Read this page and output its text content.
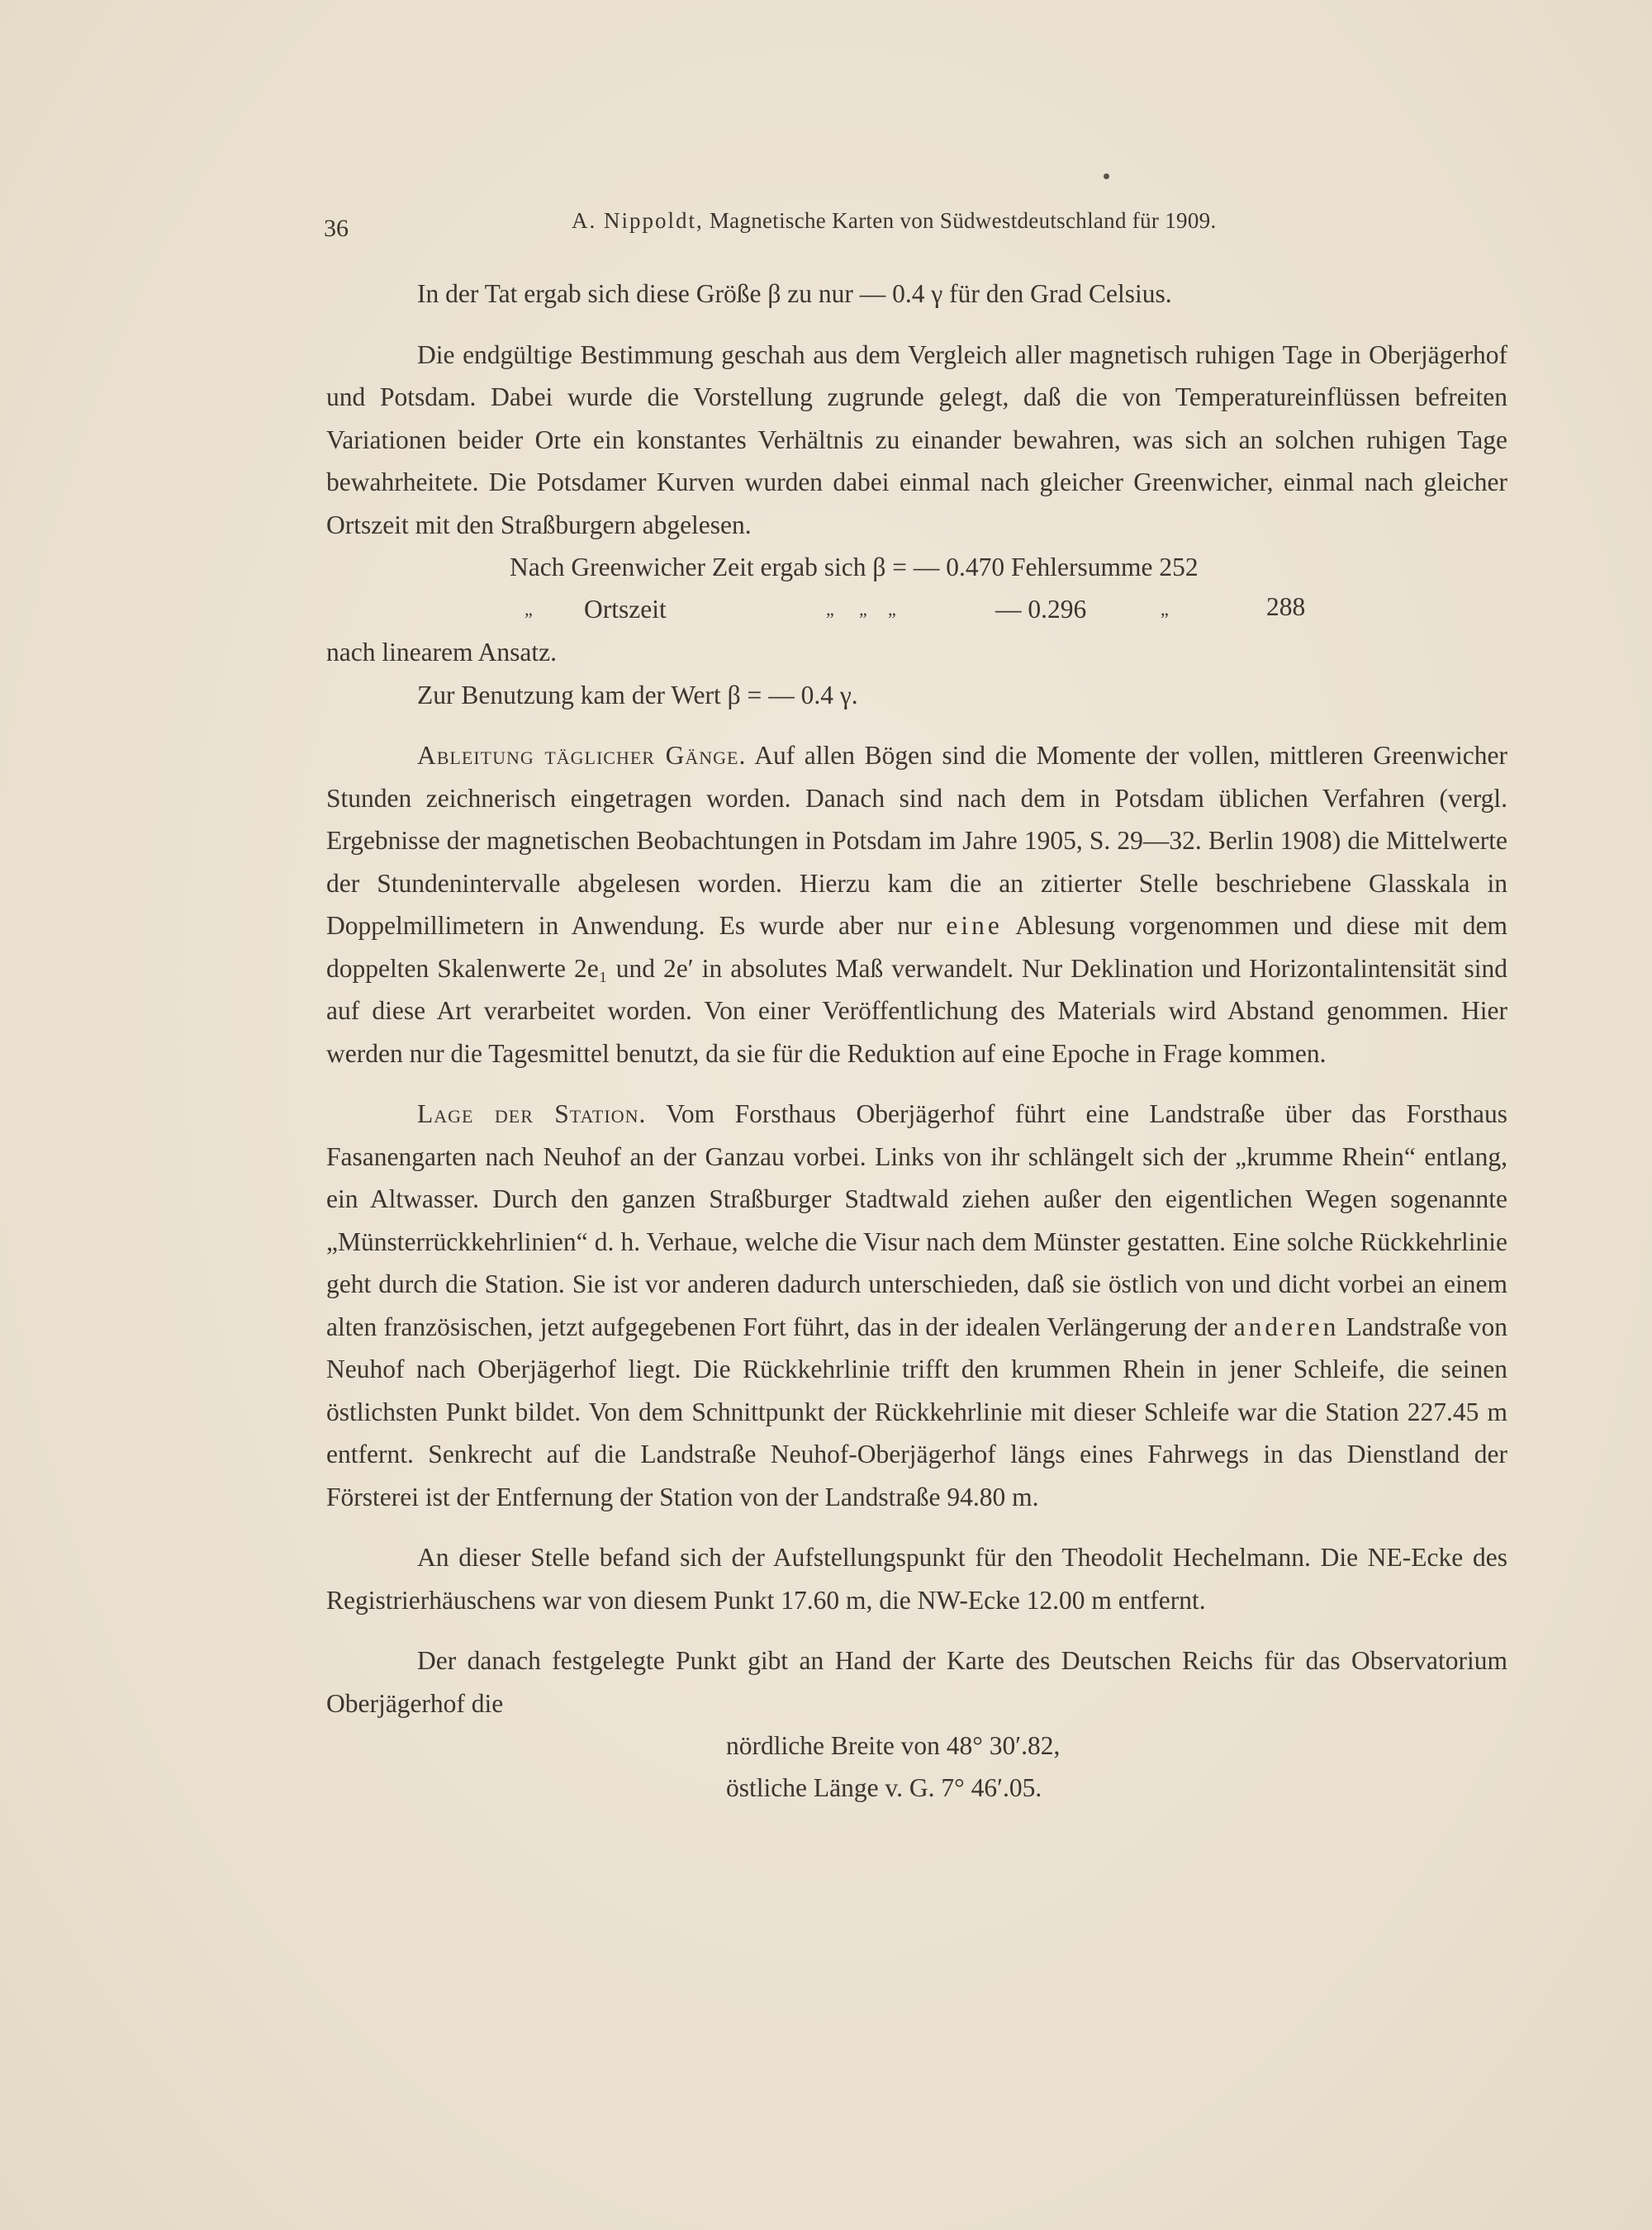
36	A. Nippoldt, Magnetische Karten von Südwestdeutschland für 1909.

In der Tat ergab sich diese Größe β zu nur — 0.4 γ für den Grad Celsius.

Die endgültige Bestimmung geschah aus dem Vergleich aller magnetisch ruhigen Tage in Oberjägerhof und Potsdam. Dabei wurde die Vorstellung zugrunde gelegt, daß die von Temperatureinflüssen befreiten Variationen beider Orte ein konstantes Verhältnis zu einander bewahren, was sich an solchen ruhigen Tage bewahrheitete. Die Potsdamer Kurven wurden dabei einmal nach gleicher Greenwicher, einmal nach gleicher Ortszeit mit den Straßburgern abgelesen.

Nach Greenwicher Zeit ergab sich β = — 0.470 Fehlersumme 252
„ Ortszeit	„ „ „	— 0.296	„	288

nach linearem Ansatz.

Zur Benutzung kam der Wert β = — 0.4 γ.

Ableitung täglicher Gänge. Auf allen Bögen sind die Momente der vollen, mittleren Greenwicher Stunden zeichnerisch eingetragen worden. Danach sind nach dem in Potsdam üblichen Verfahren (vergl. Ergebnisse der magnetischen Beobachtungen in Potsdam im Jahre 1905, S. 29—32. Berlin 1908) die Mittelwerte der Stundenintervalle abgelesen worden. Hierzu kam die an zitierter Stelle beschriebene Glasskala in Doppelmillimetern in Anwendung. Es wurde aber nur eine Ablesung vorgenommen und diese mit dem doppelten Skalenwerte 2e₁ und 2e′ in absolutes Maß verwandelt. Nur Deklination und Horizontalintensität sind auf diese Art verarbeitet worden. Von einer Veröffentlichung des Materials wird Abstand genommen. Hier werden nur die Tagesmittel benutzt, da sie für die Reduktion auf eine Epoche in Frage kommen.

Lage der Station. Vom Forsthaus Oberjägerhof führt eine Landstraße über das Forsthaus Fasanengarten nach Neuhof an der Ganzau vorbei. Links von ihr schlängelt sich der „krumme Rhein“ entlang, ein Altwasser. Durch den ganzen Straßburger Stadtwald ziehen außer den eigentlichen Wegen sogenannte „Münsterrückkehrlinien“ d. h. Verhaue, welche die Visur nach dem Münster gestatten. Eine solche Rückkehrlinie geht durch die Station. Sie ist vor anderen dadurch unterschieden, daß sie östlich von und dicht vorbei an einem alten französischen, jetzt aufgegebenen Fort führt, das in der idealen Verlängerung der anderen Landstraße von Neuhof nach Oberjägerhof liegt. Die Rückkehrlinie trifft den krummen Rhein in jener Schleife, die seinen östlichsten Punkt bildet. Von dem Schnittpunkt der Rückkehrlinie mit dieser Schleife war die Station 227.45 m entfernt. Senkrecht auf die Landstraße Neuhof-Oberjägerhof längs eines Fahrwegs in das Dienstland der Försterei ist der Entfernung der Station von der Landstraße 94.80 m.

An dieser Stelle befand sich der Aufstellungspunkt für den Theodolit Hechelmann. Die NE-Ecke des Registrierhäuschens war von diesem Punkt 17.60 m, die NW-Ecke 12.00 m entfernt.

Der danach festgelegte Punkt gibt an Hand der Karte des Deutschen Reichs für das Observatorium Oberjägerhof die

nördliche Breite von 48° 30′.82,
östliche Länge v. G. 7° 46′.05.
